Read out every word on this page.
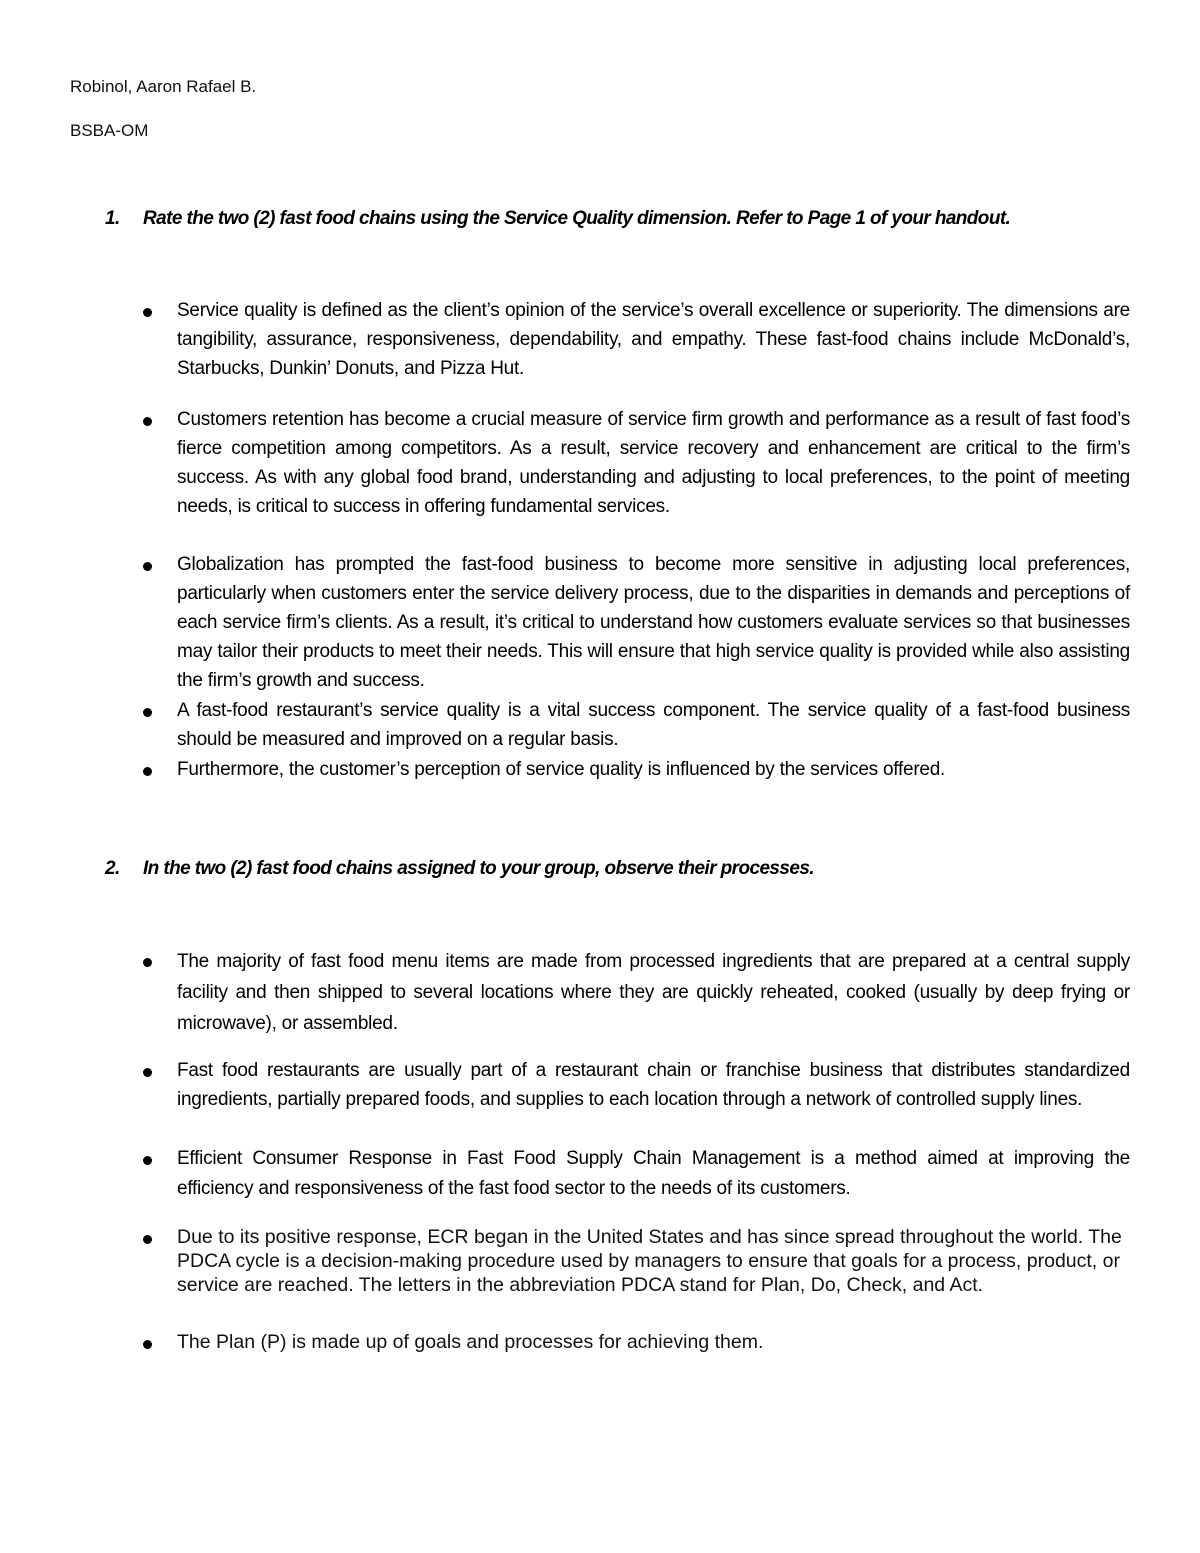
Robinol, Aaron Rafael B.
BSBA-OM
1. Rate the two (2) fast food chains using the Service Quality dimension. Refer to Page 1 of your handout.
Service quality is defined as the client’s opinion of the service’s overall excellence or superiority. The dimensions are tangibility, assurance, responsiveness, dependability, and empathy. These fast-food chains include McDonald’s, Starbucks, Dunkin’ Donuts, and Pizza Hut.
Customers retention has become a crucial measure of service firm growth and performance as a result of fast food’s fierce competition among competitors. As a result, service recovery and enhancement are critical to the firm’s success. As with any global food brand, understanding and adjusting to local preferences, to the point of meeting needs, is critical to success in offering fundamental services.
Globalization has prompted the fast-food business to become more sensitive in adjusting local preferences, particularly when customers enter the service delivery process, due to the disparities in demands and perceptions of each service firm’s clients. As a result, it’s critical to understand how customers evaluate services so that businesses may tailor their products to meet their needs. This will ensure that high service quality is provided while also assisting the firm’s growth and success.
A fast-food restaurant’s service quality is a vital success component. The service quality of a fast-food business should be measured and improved on a regular basis.
Furthermore, the customer’s perception of service quality is influenced by the services offered.
2. In the two (2) fast food chains assigned to your group, observe their processes.
The majority of fast food menu items are made from processed ingredients that are prepared at a central supply facility and then shipped to several locations where they are quickly reheated, cooked (usually by deep frying or microwave), or assembled.
Fast food restaurants are usually part of a restaurant chain or franchise business that distributes standardized ingredients, partially prepared foods, and supplies to each location through a network of controlled supply lines.
Efficient Consumer Response in Fast Food Supply Chain Management is a method aimed at improving the efficiency and responsiveness of the fast food sector to the needs of its customers.
Due to its positive response, ECR began in the United States and has since spread throughout the world. The PDCA cycle is a decision-making procedure used by managers to ensure that goals for a process, product, or service are reached. The letters in the abbreviation PDCA stand for Plan, Do, Check, and Act.
The Plan (P) is made up of goals and processes for achieving them.
